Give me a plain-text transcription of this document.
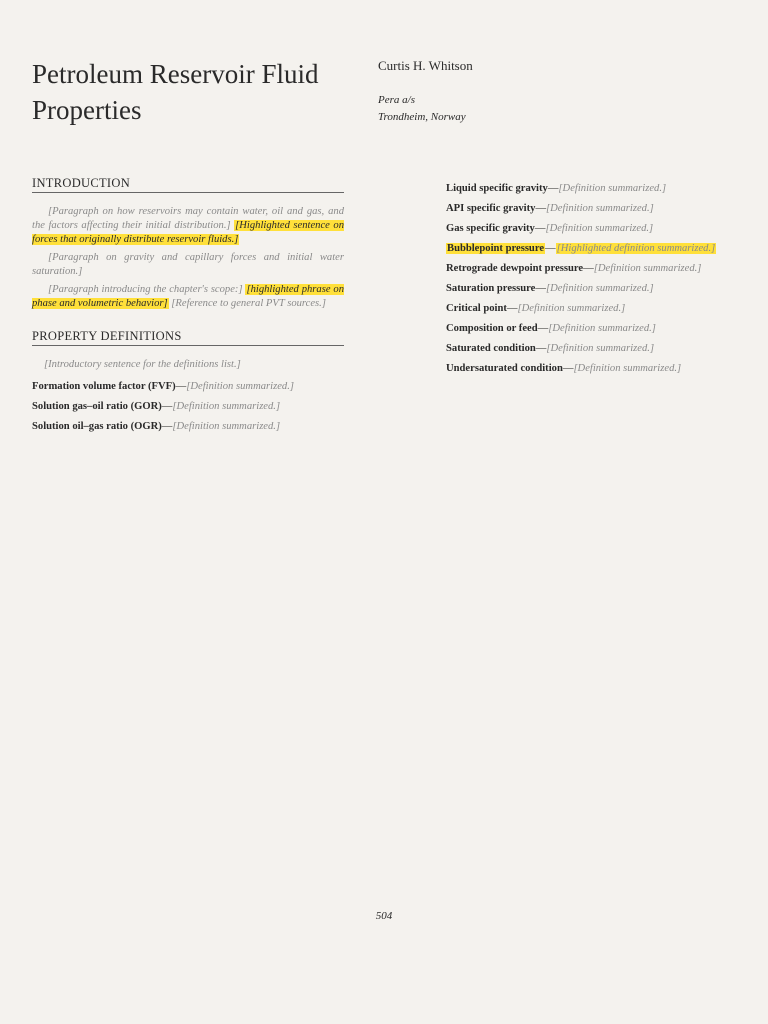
Petroleum Reservoir Fluid Properties
Curtis H. Whitson
Pera a/s
Trondheim, Norway
INTRODUCTION

[Paragraph on how reservoirs may contain water, oil and gas, and the factors affecting their initial distribution.] [Highlighted sentence on forces that originally distribute reservoir fluids.]

[Paragraph on gravity and capillary forces and initial water saturation.]

[Paragraph introducing the chapter's scope:] [highlighted phrase on phase and volumetric behavior] [Reference to general PVT sources.]

PROPERTY DEFINITIONS

[Introductory sentence for the definitions list.]

Formation volume factor (FVF)—[Definition summarized.]

Solution gas–oil ratio (GOR)—[Definition summarized.]

Solution oil–gas ratio (OGR)—[Definition summarized.]

Liquid specific gravity—[Definition summarized.]

API specific gravity—[Definition summarized.]

Gas specific gravity—[Definition summarized.]

Bubblepoint pressure—[Highlighted definition summarized.]

Retrograde dewpoint pressure—[Definition summarized.]

Saturation pressure—[Definition summarized.]

Critical point—[Definition summarized.]

Composition or feed—[Definition summarized.]

Saturated condition—[Definition summarized.]

Undersaturated condition—[Definition summarized.]

504
